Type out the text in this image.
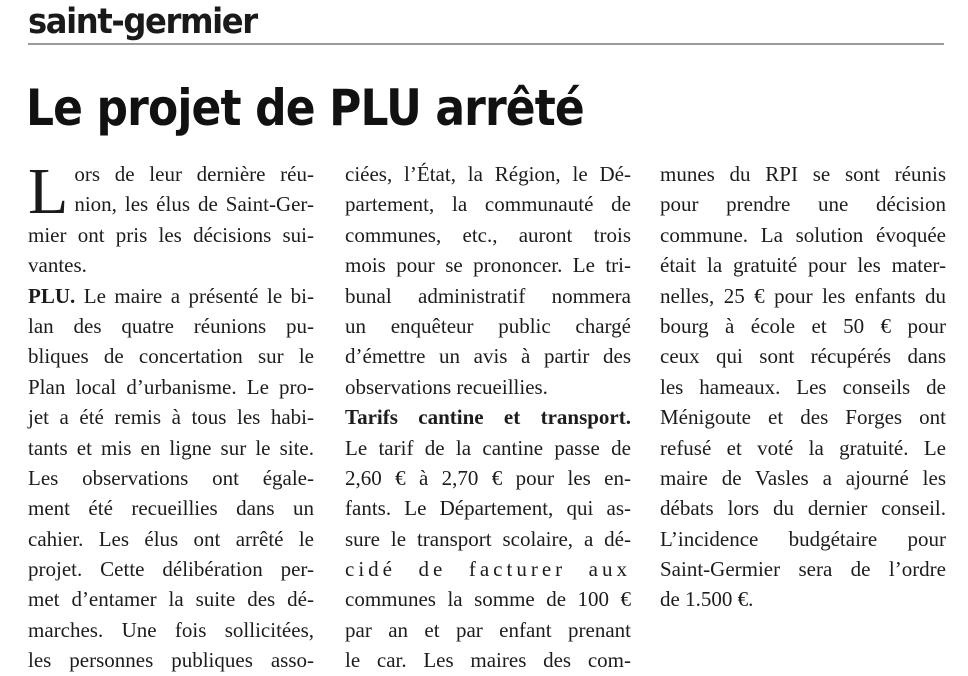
saint-germier
Le projet de PLU arrêté
L ors de leur dernière réu-
nion, les élus de Saint-Ger-
mier ont pris les décisions sui-
vantes.
PLU. Le maire a présenté le bi-
lan des quatre réunions pu-
bliques de concertation sur le
Plan local d’urbanisme. Le pro-
jet a été remis à tous les habi-
tants et mis en ligne sur le site.
Les observations ont égale-
ment été recueillies dans un
cahier. Les élus ont arrêté le
projet. Cette délibération per-
met d’entamer la suite des dé-
marches. Une fois sollicitées,
les personnes publiques asso-
ciées, l’État, la Région, le Dé-
partement, la communauté de
communes, etc., auront trois
mois pour se prononcer. Le tri-
bunal administratif nommera
un enquêteur public chargé
d’émettre un avis à partir des
observations recueillies.
Tarifs cantine et transport.
Le tarif de la cantine passe de
2,60 € à 2,70 € pour les en-
fants. Le Département, qui as-
sure le transport scolaire, a dé-
cidé de facturer aux
communes la somme de 100 €
par an et par enfant prenant
le car. Les maires des com-
munes du RPI se sont réunis
pour prendre une décision
commune. La solution évoquée
était la gratuité pour les mater-
nelles, 25 € pour les enfants du
bourg à école et 50 € pour
ceux qui sont récupérés dans
les hameaux. Les conseils de
Ménigoute et des Forges ont
refusé et voté la gratuité. Le
maire de Vasles a ajourné les
débats lors du dernier conseil.
L’incidence budgétaire pour
Saint-Germier sera de l’ordre
de 1.500 €.
